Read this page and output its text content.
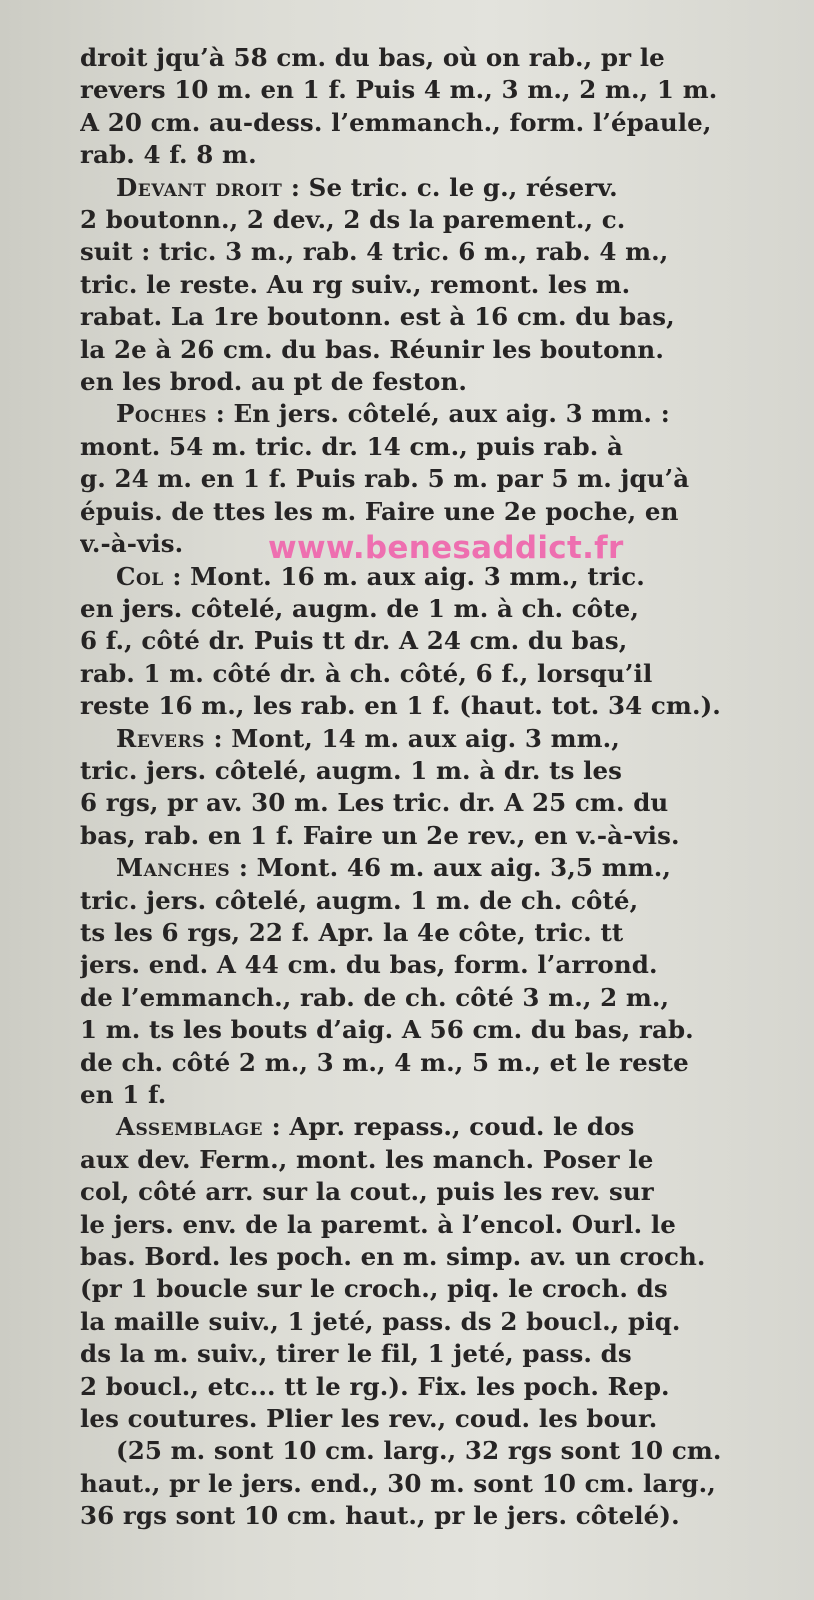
droit jqu’à 58 cm. du bas, où on rab., pr le
revers 10 m. en 1 f. Puis 4 m., 3 m., 2 m., 1 m.
A 20 cm. au-dess. l’emmanch., form. l’épaule,
rab. 4 f. 8 m.
Devant droit : Se tric. c. le g., réserv.
2 boutonn., 2 dev., 2 ds la parement., c.
suit : tric. 3 m., rab. 4 tric. 6 m., rab. 4 m.,
tric. le reste. Au rg suiv., remont. les m.
rabat. La 1re boutonn. est à 16 cm. du bas,
la 2e à 26 cm. du bas. Réunir les boutonn.
en les brod. au pt de feston.
Poches : En jers. côtelé, aux aig. 3 mm. :
mont. 54 m. tric. dr. 14 cm., puis rab. à
g. 24 m. en 1 f. Puis rab. 5 m. par 5 m. jqu’à
épuis. de ttes les m. Faire une 2e poche, en
v.-à-vis.
Col : Mont. 16 m. aux aig. 3 mm., tric.
en jers. côtelé, augm. de 1 m. à ch. côte,
6 f., côté dr. Puis tt dr. A 24 cm. du bas,
rab. 1 m. côté dr. à ch. côté, 6 f., lorsqu’il
reste 16 m., les rab. en 1 f. (haut. tot. 34 cm.).
Revers : Mont, 14 m. aux aig. 3 mm.,
tric. jers. côtelé, augm. 1 m. à dr. ts les
6 rgs, pr av. 30 m. Les tric. dr. A 25 cm. du
bas, rab. en 1 f. Faire un 2e rev., en v.-à-vis.
Manches : Mont. 46 m. aux aig. 3,5 mm.,
tric. jers. côtelé, augm. 1 m. de ch. côté,
ts les 6 rgs, 22 f. Apr. la 4e côte, tric. tt
jers. end. A 44 cm. du bas, form. l’arrond.
de l’emmanch., rab. de ch. côté 3 m., 2 m.,
1 m. ts les bouts d’aig. A 56 cm. du bas, rab.
de ch. côté 2 m., 3 m., 4 m., 5 m., et le reste
en 1 f.
Assemblage : Apr. repass., coud. le dos
aux dev. Ferm., mont. les manch. Poser le
col, côté arr. sur la cout., puis les rev. sur
le jers. env. de la paremt. à l’encol. Ourl. le
bas. Bord. les poch. en m. simp. av. un croch.
(pr 1 boucle sur le croch., piq. le croch. ds
la maille suiv., 1 jeté, pass. ds 2 boucl., piq.
ds la m. suiv., tirer le fil, 1 jeté, pass. ds
2 boucl., etc... tt le rg.). Fix. les poch. Rep.
les coutures. Plier les rev., coud. les bour.
(25 m. sont 10 cm. larg., 32 rgs sont 10 cm.
haut., pr le jers. end., 30 m. sont 10 cm. larg.,
36 rgs sont 10 cm. haut., pr le jers. côtelé).
www.benesaddict.fr
